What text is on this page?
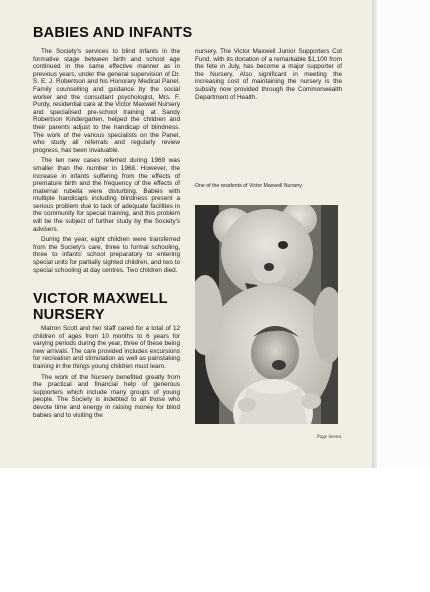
BABIES AND INFANTS

The Society's services to blind infants in the formative stage between birth and school age continued in the same effective manner as in previous years, under the general supervision of Dr. S. E. J. Robertson and his Honorary Medical Panel. Family counselling and guidance by the social worker and the consultant psychologist, Mrs. F. Purdy, residential care at the Victor Maxwell Nursery and specialised pre-school training at Sandy Robertson Kindergarten, helped the children and their parents adjust to the handicap of blindness. The work of the various specialists on the Panel, who study all referrals and regularly review progress, has been invaluable.

The ten new cases referred during 1969 was smaller than the number in 1968. However, the increase in infants suffering from the effects of premature birth and the frequency of the effects of maternal rubella were disturbing. Babies with multiple handicaps including blindness present a serious problem due to lack of adequate facilities in the community for special training, and this problem will be the subject of further study by the Society's advisers.

During the year, eight children were transferred from the Society's care, three to formal schooling, three to infants' school preparatory to entering special units for partially sighted children, and two to special schooling at day centres. Two children died.

VICTOR MAXWELL NURSERY

Matron Scott and her staff cared for a total of 12 children of ages from 10 months to 6 years for varying periods during the year, three of these being new arrivals. The care provided includes excursions for recreation and stimulation as well as painstaking training in the things young children must learn.

The work of the Nursery benefited greatly from the practical and financial help of generous supporters which include many groups of young people. The Society is indebted to all those who devote time and energy in raising money for blind babies and to visiting the

nursery. The Victor Maxwell Junior Supporters Cot Fund, with its donation of a remarkable $1,100 from the fete in July, has become a major supporter of the Nursery. Also significant in meeting the increasing cost of maintaining the nursery is the subsidy now provided through the Commonwealth Department of Health.

One of the residents of Victor Maxwell Nursery.
Page Seven
